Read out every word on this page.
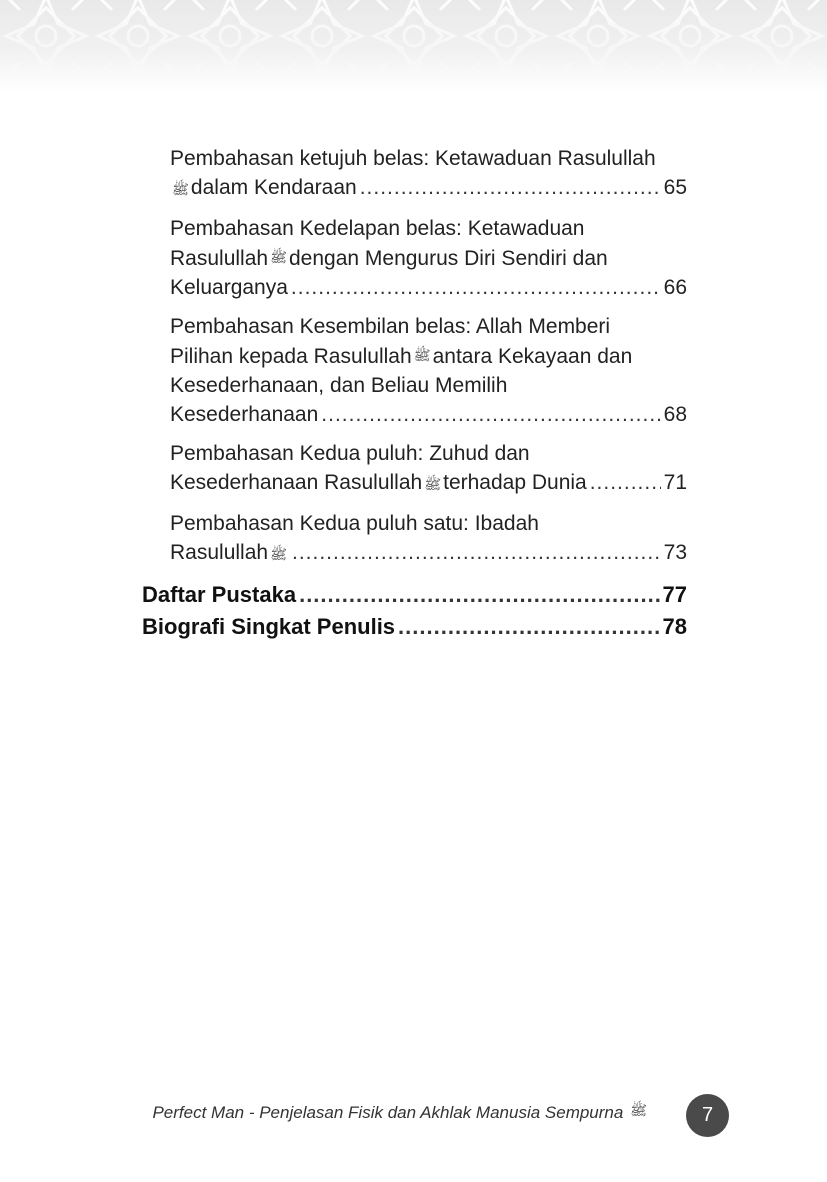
Pembahasan ketujuh belas: Ketawaduan Rasulullah
ﷺ dalam Kendaraan .....	65
Pembahasan Kedelapan belas: Ketawaduan
Rasulullah ﷺdengan Mengurus Diri Sendiri dan
Keluarganya .....	66
Pembahasan Kesembilan belas: Allah Memberi
Pilihan kepada Rasulullah ﷺantara Kekayaan dan
Kesederhanaan, dan Beliau Memilih
Kesederhanaan .....	68
Pembahasan Kedua puluh: Zuhud dan
Kesederhanaan Rasulullah ﷺ terhadap Dunia .....	71
Pembahasan Kedua puluh satu: Ibadah
Rasulullah ﷺ .....	73
Daftar Pustaka .....	77
Biografi Singkat Penulis .....	78
Perfect Man - Penjelasan Fisik dan Akhlak Manusia Sempurna ﷺ	7
